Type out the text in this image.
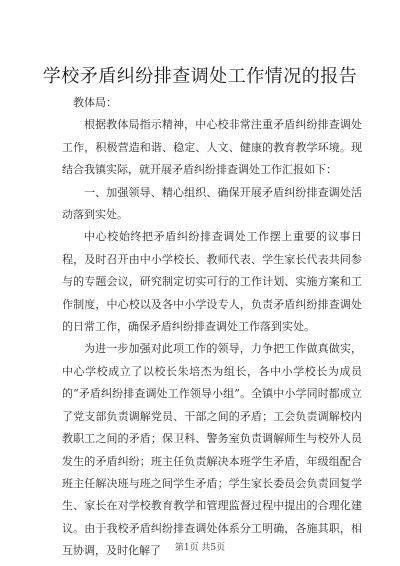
学校矛盾纠纷排查调处工作情况的报告

教体局：

根据教体局指示精神，中心校非常注重矛盾纠纷排查调处工作，积极营造和谐、稳定、人文、健康的教育教学环境。现结合我镇实际，就开展矛盾纠纷排查调处工作汇报如下：

一、加强领导、精心组织、确保开展矛盾纠纷排查调处活动落到实处。

中心校始终把矛盾纠纷排查调处工作摆上重要的议事日程，及时召开由中小学校长、教师代表、学生家长代表共同参与的专题会议，研究制定切实可行的工作计划、实施方案和工作制度，中心校以及各中小学设专人，负责矛盾纠纷排查调处的日常工作，确保矛盾纠纷排查调处工作落到实处。

为进一步加强对此项工作的领导，力争把工作做真做实，中心学校成立了以校长朱培杰为组长，各中小学校长为成员的“矛盾纠纷排查调处工作领导小组”。全镇中小学同时都成立了党支部负责调解党员、干部之间的矛盾；工会负责调解校内教职工之间的矛盾；保卫科、警务室负责调解师生与校外人员发生的矛盾纠纷；班主任负责解决本班学生矛盾，年级组配合班主任解决班与班之间学生矛盾；学生家长委员会负责回复学生、家长在对学校教育教学和管理监督过程中提出的合理化建议。由于我校矛盾纠纷排查调处体系分工明确，各施其职，相互协调，及时化解了	第1页 共5页
